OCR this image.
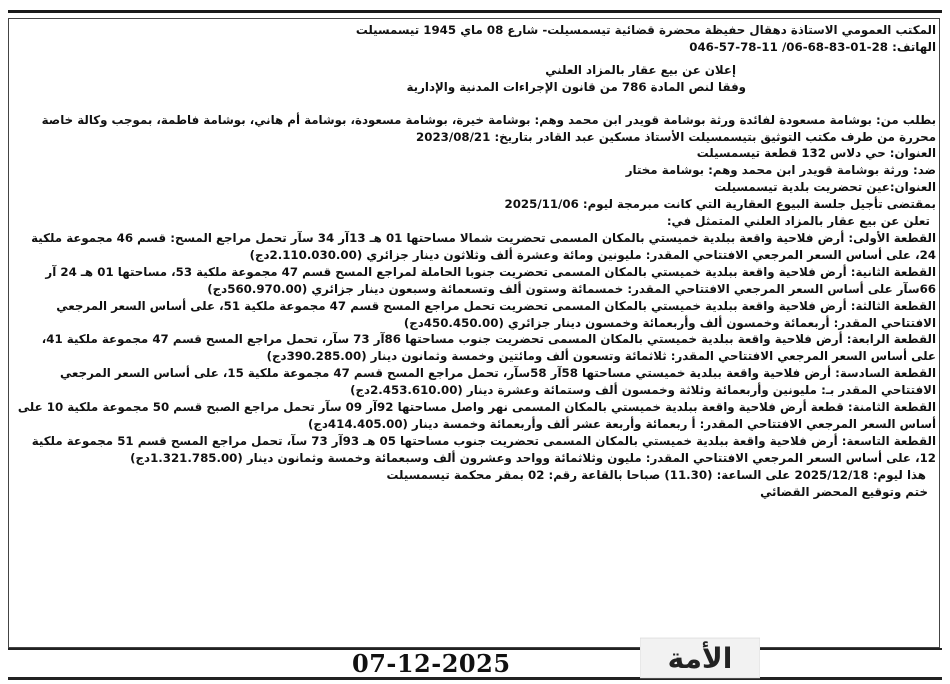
المكتب العمومي الاستاذة دهقال حفيظة محضرة قضائية تيسمسيلت- شارع 08 ماي 1945 تيسمسيلت

الهاتف: 28-01-83-68-06/ 11-78-57-046

إعلان عن بيع عقار بالمزاد العلني

وفقا لنص المادة 786 من قانون الإجراءات المدنية والإدارية

بطلب من: بوشامة مسعودة لفائدة ورثة بوشامة قويدر ابن محمد وهم: بوشامة خيرة، بوشامة مسعودة، بوشامة أم هاني، بوشامة فاطمة، بموجب وكالة خاصة محررة من طرف مكتب التوثيق بتيسمسيلت الأستاذ مسكين عبد القادر بتاريخ: 2023/08/21

العنوان: حي دلاس 132 قطعة تيسمسيلت

ضد: ورثة بوشامة قويدر ابن محمد وهم: بوشامة مختار

العنوان:عين تحضريت بلدية تيسمسيلت

بمقتضى تأجيل جلسة البيوع العقارية التي كانت مبرمجة ليوم: 2025/11/06

تعلن عن بيع عقار بالمزاد العلني المتمثل في:

القطعة الأولى: أرض فلاحية واقعة ببلدية خميستي بالمكان المسمى تحضريت شمالا مساحتها 01 هـ 13آر 34 سآر تحمل مراجع المسح: قسم 46 مجموعة ملكية 24، على أساس السعر المرجعي الافتتاحي المقدر: مليونين ومائة وعشرة ألف وثلاثون دينار جزائري (2.110.030.00دج)

القطعة الثانية: أرض فلاحية واقعة ببلدية خميستي بالمكان المسمى تحضريت جنوبا الحاملة لمراجع المسح قسم 47 مجموعة ملكية 53، مساحتها 01 هـ 24 آر 66سآر على أساس السعر المرجعي الافتتاحي المقدر: خمسمائة وستون ألف وتسعمائة وسبعون دينار جزائري (560.970.00دج)

القطعة الثالثة: أرض فلاحية واقعة ببلدية خميستي بالمكان المسمى تحضريت تحمل مراجع المسح قسم 47 مجموعة ملكية 51، على أساس السعر المرجعي الافتتاحي المقدر: أربعمائة وخمسون ألف وأربعمائة وخمسون دينار جزائري (450.450.00دج)

القطعة الرابعة: أرض فلاحية واقعة ببلدية خميستي بالمكان المسمى تحضريت جنوب مساحتها 86آر 73 سآر، تحمل مراجع المسح قسم 47 مجموعة ملكية 41، على أساس السعر المرجعي الافتتاحي المقدر: ثلاثمائة وتسعون ألف ومائتين وخمسة وثمانون دينار (390.285.00دج)

القطعة السادسة: أرض فلاحية واقعة ببلدية خميستي مساحتها 58آر 58سآر، تحمل مراجع المسح قسم 47 مجموعة ملكية 15، على أساس السعر المرجعي الافتتاحي المقدر بـ: مليونين وأربعمائة وثلاثة وخمسون ألف وستمائة وعشرة دينار (2.453.610.00دج)

القطعة الثامنة: قطعة أرض فلاحية واقعة ببلدية خميستي بالمكان المسمى نهر واصل مساحتها 92آر 09 سآر تحمل مراجع الصبح قسم 50 مجموعة ملكية 10 على أساس السعر المرجعي الافتتاحي المقدر: أ ربعمائة وأربعة عشر ألف وأربعمائة وخمسة دينار (414.405.00دج)

القطعة التاسعة: أرض فلاحية واقعة ببلدية خميستي بالمكان المسمى تحضريت جنوب مساحتها 05 هـ 93آر 73 سآ، تحمل مراجع المسح قسم 51 مجموعة ملكية 12، على أساس السعر المرجعي الافتتاحي المقدر: مليون وثلاثمائة وواحد وعشرون ألف وسبعمائة وخمسة وثمانون دينار (1.321.785.00دج)

هذا ليوم: 2025/12/18 على الساعة: (11.30) صباحا بالقاعة رقم: 02 بمقر محكمة تيسمسيلت

ختم وتوقيع المحضر القضائي

07-12-2025	الأمة
